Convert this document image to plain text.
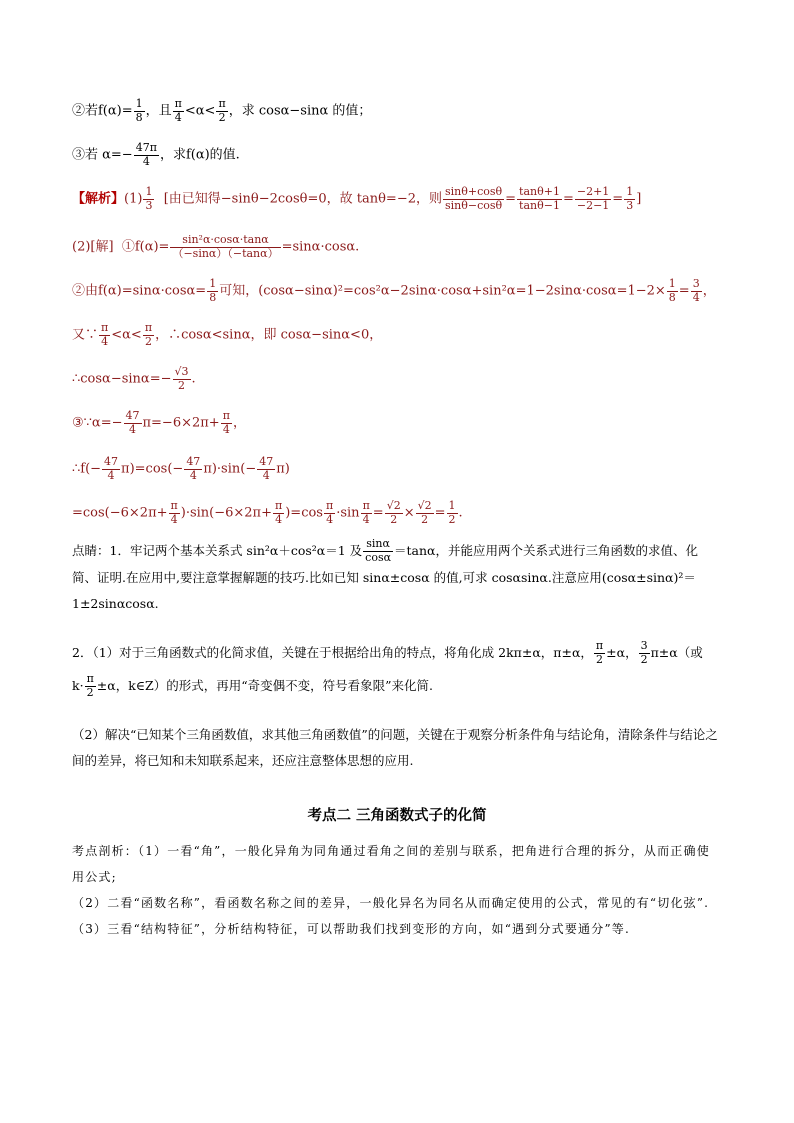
②若$f(\alpha)= \frac{1}{8}$ ，且 $\frac{\pi}{4} <\alpha< \frac{\pi}{2}$ ，求 cosα−sinα 的值；
③若 $\alpha=- \frac{47\pi}{4}$ ，求f(α)的值.
【解析】$(1) \frac{1}{3}$ [由已知得−sinθ−2cosθ=0，故 tanθ=−2，则 $\frac{\sin\theta+\cos\theta}{\sin\theta-\cos\theta} = \frac{\tan\theta+1}{\tan\theta-1} = \frac{-2+1}{-2-1} = \frac{1}{3}$ ]
(2)[解] ①f(α)= $\frac{\text{sin²α·cosα·tanα}}{(-\sin\alpha)(-\tan\alpha)} =\sin\alpha\cdot\cos\alpha$.
②由$f(\alpha)=\sin\alpha\cdot\cos\alpha= \frac{1}{8}$ 可知，$(\cos\alpha-\sin\alpha)^2=\cos^2\alpha-2\sin\alpha\cdot\cos\alpha+\sin^2\alpha=1-2\sin\alpha\cdot\cos\alpha=1-2\times \frac{1}{8} = \frac{3}{4}$ ，
又∵ $\frac{\pi}{4} <\alpha< \frac{\pi}{2}$ ，∴cosα<sinα，即 cosα−sinα<0，
∴cosα−sinα=− $\frac{√3}{2}$ .
③∵α=− $\frac{47}{4} \pi=-6\times 2\pi+ \frac{\pi}{4}$ ，
∴f(− $\frac{47}{4} \pi)=\cos(- \frac{47}{4} \pi)\cdot\sin(- \frac{47}{4} \pi)$
$=\cos(-6\times 2\pi+ \frac{\pi}{4} )\cdot\sin(-6\times 2\pi+ \frac{\pi}{4} )=\cos \frac{\pi}{4} \cdot\sin \frac{\pi}{4} = \frac{√2}{2} \times \frac{√2}{2} = \frac{1}{2}$ .

点睛：1．牢记两个基本关系式 sin²α＋cos²α＝1 及 $\frac{\sin\alpha}{\cos\alpha} =\tan\alpha$，并能应用两个关系式进行三角函数的求值、化简、证明.在应用中,要注意掌握解题的技巧.比如已知 sinα±cosα 的值,可求 cosαsinα.注意应用(cosα±sinα)²＝1±2sinαcosα.

2．（1）对于三角函数式的化简求值，关键在于根据给出角的特点，将角化成 2kπ±α，π±α， $\frac{\pi}{2} \pm\alpha$， $\frac{3}{2} \pi\pm\alpha$（或

$k\cdot \frac{\pi}{2} \pm\alpha$，k∈Z）的形式，再用“奇变偶不变，符号看象限”来化简.

（2）解决“已知某个三角函数值，求其他三角函数值”的问题，关键在于观察分析条件角与结论角，清除条件与结论之间的差异，将已知和未知联系起来，还应注意整体思想的应用.

考点二 三角函数式子的化简

考点剖析：（1）一看“角”，一般化异角为同角通过看角之间的差别与联系，把角进行合理的拆分，从而正确使用公式;

（2）二看“函数名称”，看函数名称之间的差异，一般化异名为同名从而确定使用的公式，常见的有“切化弦”.

（3）三看“结构特征”，分析结构特征，可以帮助我们找到变形的方向，如“遇到分式要通分”等.
